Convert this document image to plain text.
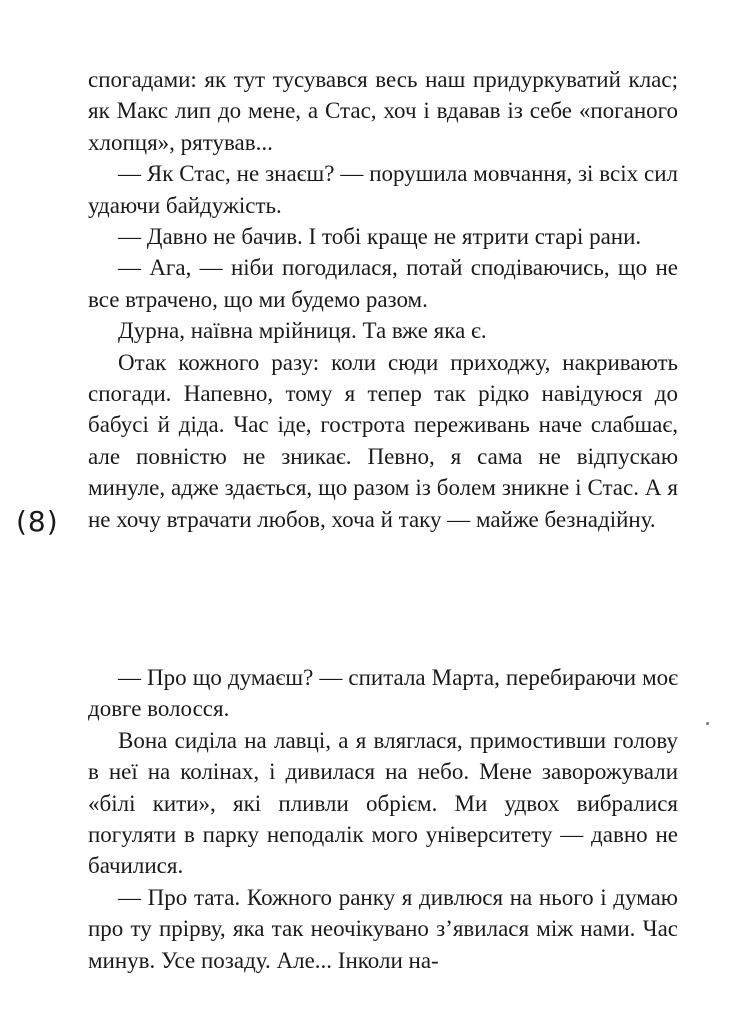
спогадами: як тут тусувався весь наш придуркуватий клас; як Макс лип до мене, а Стас, хоч і вдавав із себе «поганого хлопця», рятував...

— Як Стас, не знаєш? — порушила мовчання, зі всіх сил удаючи байдужість.

— Давно не бачив. І тобі краще не ятрити старі рани.

— Ага, — ніби погодилася, потай сподіваючись, що не все втрачено, що ми будемо разом.

Дурна, наївна мрійниця. Та вже яка є.

Отак кожного разу: коли сюди приходжу, накривають спогади. Напевно, тому я тепер так рідко навідуюся до бабусі й діда. Час іде, гострота переживань наче слабшає, але повністю не зникає. Певно, я сама не відпускаю минуле, адже здається, що разом із болем зникне і Стас. А я не хочу втрачати любов, хоча й таку — майже безнадійну.

(8)

— Про що думаєш? — спитала Марта, перебираючи моє довге волосся.

Вона сиділа на лавці, а я вляглася, примостивши голову в неї на колінах, і дивилася на небо. Мене заворожували «білі кити», які пливли обрієм. Ми удвох вибралися погуляти в парку неподалік мого університету — давно не бачилися.

— Про тата. Кожного ранку я дивлюся на нього і думаю про ту прірву, яка так неочікувано з’явилася між нами. Час минув. Усе позаду. Але... Інколи на-
